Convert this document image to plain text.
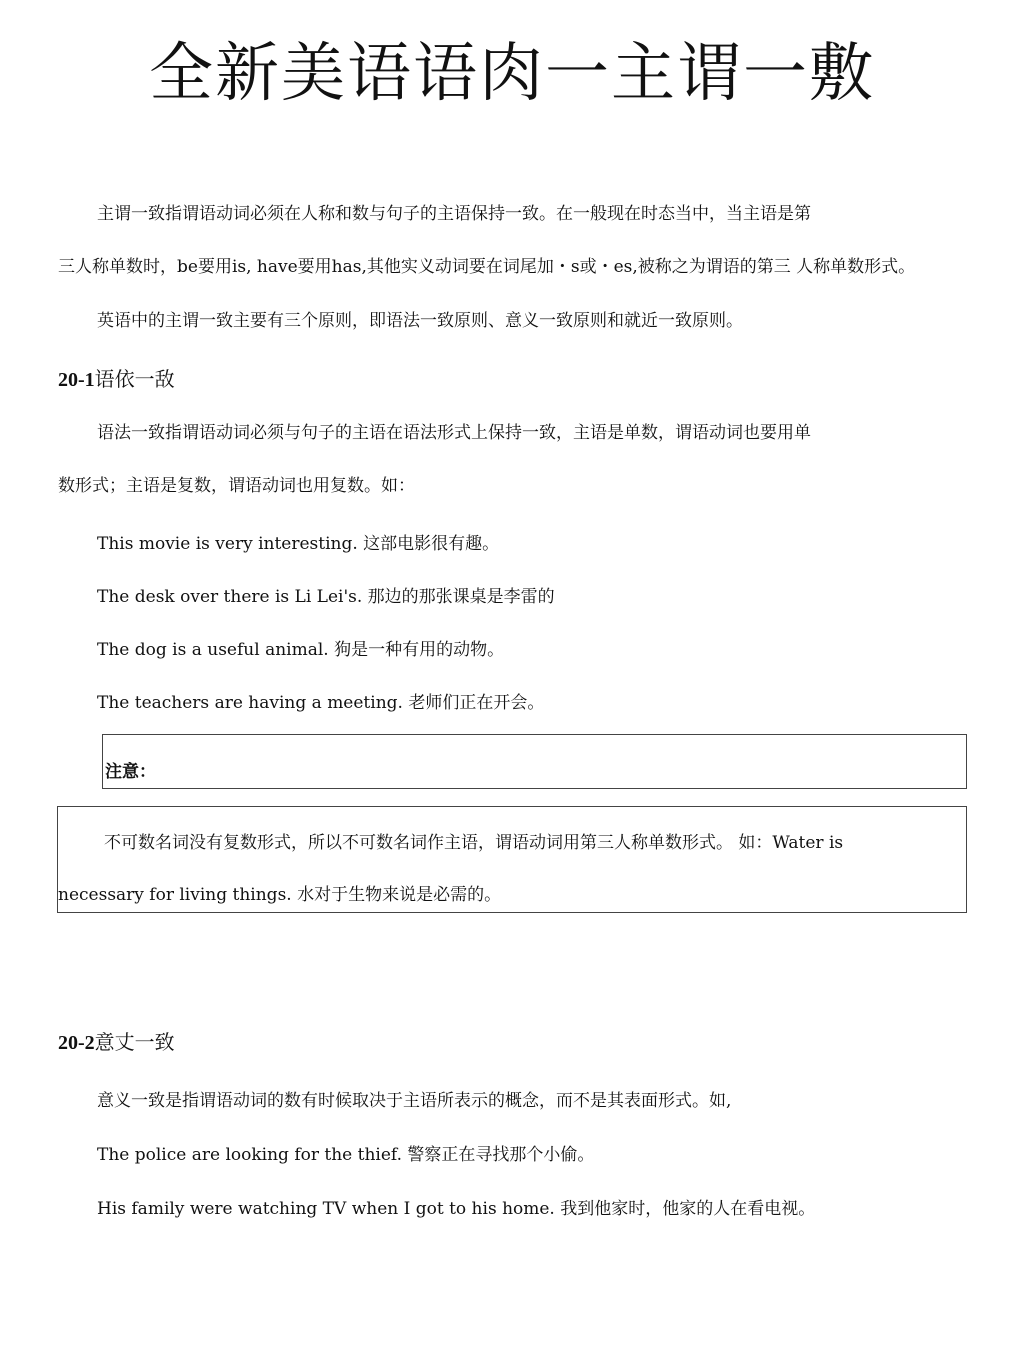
全新美语语肉一主谓一敷
主谓一致指谓语动词必须在人称和数与句子的主语保持一致。在一般现在时态当中，当主语是第
三人称单数时，be要用is, have要用has,其他实义动词要在词尾加・s或・es,被称之为谓语的第三 人称单数形式。
英语中的主谓一致主要有三个原则，即语法一致原则、意义一致原则和就近一致原则。
20-1语依一敌
语法一致指谓语动词必须与句子的主语在语法形式上保持一致，主语是单数，谓语动词也要用单
数形式；主语是复数，谓语动词也用复数。如：
This movie is very interesting. 这部电影很有趣。
The desk over there is Li Lei's. 那边的那张课桌是李雷的
The dog is a useful animal. 狗是一种有用的动物。
The teachers are having a meeting. 老师们正在开会。
注意：
不可数名词没有复数形式，所以不可数名词作主语，谓语动词用第三人称单数形式。 如：Water is
necessary for living things. 水对于生物来说是必需的。
20-2意丈一致
意义一致是指谓语动词的数有时候取决于主语所表示的概念，而不是其表面形式。如,
The police are looking for the thief. 警察正在寻找那个小偷。
His family were watching TV when I got to his home. 我到他家时，他家的人在看电视。
